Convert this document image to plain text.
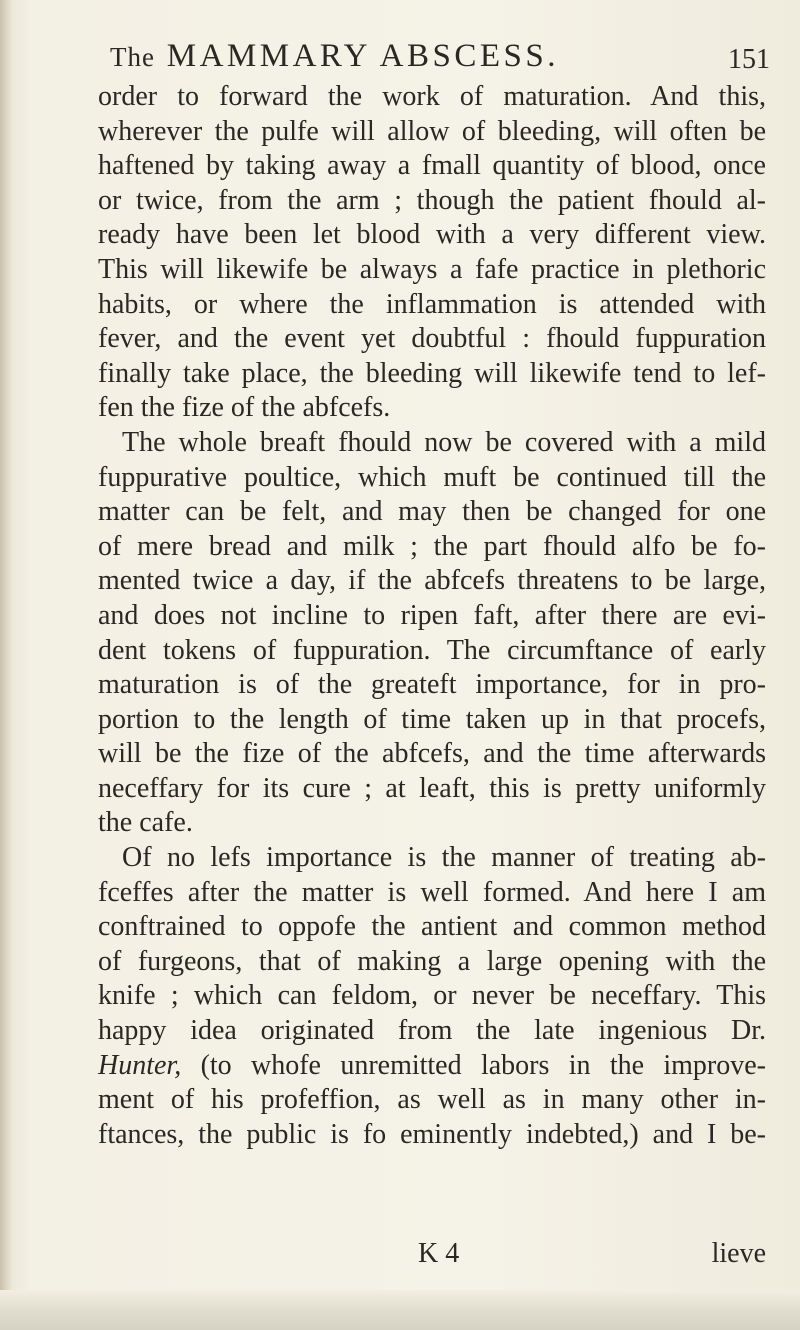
The MAMMARY ABSCESS.	151
order to forward the work of maturation. And this,
wherever the pulfe will allow of bleeding, will often be
haftened by taking away a fmall quantity of blood, once
or twice, from the arm ; though the patient fhould al-
ready have been let blood with a very different view.
This will likewife be always a fafe practice in plethoric
habits, or where the inflammation is attended with
fever, and the event yet doubtful : fhould fuppuration
finally take place, the bleeding will likewife tend to lef-
fen the fize of the abfcefs.
The whole breaft fhould now be covered with a mild
fuppurative poultice, which muft be continued till the
matter can be felt, and may then be changed for one
of mere bread and milk ; the part fhould alfo be fo-
mented twice a day, if the abfcefs threatens to be large,
and does not incline to ripen faft, after there are evi-
dent tokens of fuppuration. The circumftance of early
maturation is of the greateft importance, for in pro-
portion to the length of time taken up in that procefs,
will be the fize of the abfcefs, and the time afterwards
neceffary for its cure ; at leaft, this is pretty uniformly
the cafe.
Of no lefs importance is the manner of treating ab-
fceffes after the matter is well formed. And here I am
conftrained to oppofe the antient and common method
of furgeons, that of making a large opening with the
knife ; which can feldom, or never be neceffary. This
happy idea originated from the late ingenious Dr.
Hunter, (to whofe unremitted labors in the improve-
ment of his profeffion, as well as in many other in-
ftances, the public is fo eminently indebted,) and I be-
K 4	lieve
